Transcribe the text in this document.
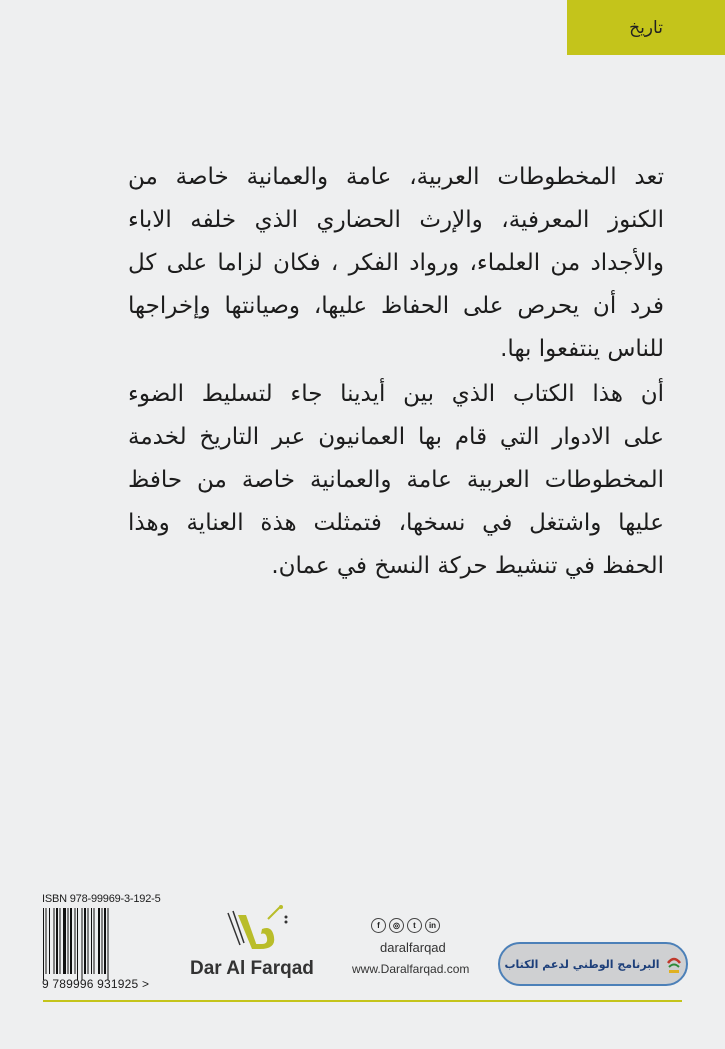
تاريخ
تعد المخطوطات العربية، عامة والعمانية خاصة من
الكنوز المعرفية، والإرث الحضاري الذي خلفه الاباء
والأجداد من العلماء، ورواد الفكر ، فكان لزاما على كل
فرد أن يحرص على الحفاظ عليها، وصيانتها وإخراجها
للناس ينتفعوا بها.
أن هذا الكتاب الذي بين أيدينا جاء لتسليط الضوء
على الادوار التي قام بها العمانيون عبر التاريخ لخدمة
المخطوطات العربية عامة والعمانية خاصة من حافظ
عليها واشتغل في نسخها، فتمثلت هذة العناية وهذا
الحفظ في تنشيط حركة النسخ في عمان.
ISBN 978-99969-3-192-5
9 789996 931925 >
Dar Al Farqad
f	◎	t	in
daralfarqad
www.Daralfarqad.com	البرنامج الوطني لدعم الكتاب
